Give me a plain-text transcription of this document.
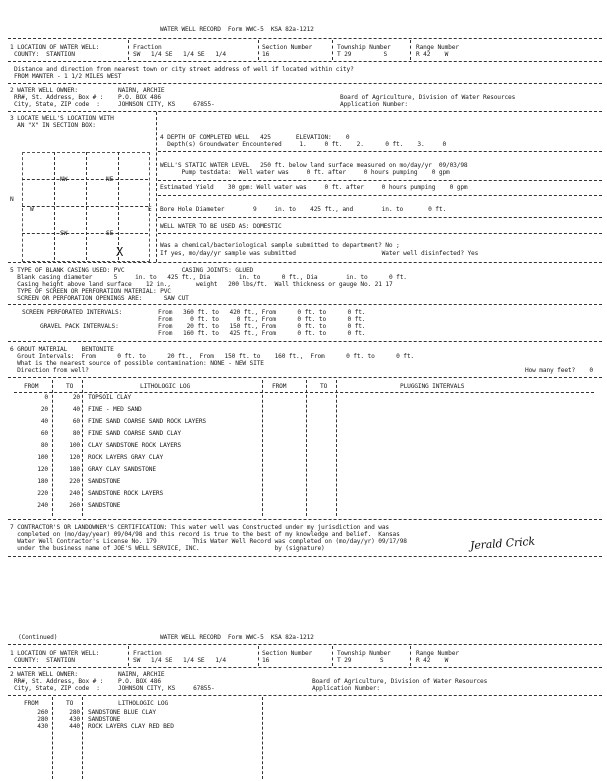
WATER WELL RECORD  Form WWC-5  KSA 82a-1212
1 LOCATION OF WATER WELL:
COUNTY:  STANTION
Fraction
SW   1/4 SE   1/4 SE   1/4
Section Number
16
Township Number
T 29         S
Range Number
R 42    W
Distance and direction from nearest town or city street address of well if located within city?
FROM MANTER - 1 1/2 MILES WEST
2 WATER WELL OWNER:	NAIRN, ARCHIE
RR#, St. Address, Box # : P.O. BOX 486
City, State, ZIP code  :	JOHNSON CITY, KS     67855-
Board of Agriculture, Division of Water Resources
Application Number:
3 LOCATE WELL'S LOCATION WITH
AN "X" IN SECTION BOX:
NW	NE
SW	SE
X
N
W	E
4 DEPTH OF COMPLETED WELL   425       ELEVATION:    0
Depth(s) Groundwater Encountered     1.     0 ft.    2.      0 ft.    3.     0
WELL'S STATIC WATER LEVEL   250 ft. below land surface measured on mo/day/yr  09/03/98
Pump testdata:  Well water was     0 ft. after     0 hours pumping    0 gpm
Estimated Yield    30 gpm: Well water was     0 ft. after     0 hours pumping    0 gpm
Bore Hole Diameter        9     in. to    425 ft., and        in. to       0 ft.
WELL WATER TO BE USED AS: DOMESTIC
Was a chemical/bacteriological sample submitted to department? No ;
If yes, mo/day/yr sample was submitted                        Water well disinfected? Yes
5 TYPE OF BLANK CASING USED: PVC                CASING JOINTS: GLUED
Blank casing diameter      5     in. to   425 ft., Dia        in. to      0 ft., Dia        in. to      0 ft.
Casing height above land surface    12 in.,       weight   200 lbs/ft.  Wall thickness or gauge No. 21 17
TYPE OF SCREEN OR PERFORATION MATERIAL: PVC
SCREEN OR PERFORATION OPENINGS ARE:      SAW CUT
SCREEN PERFORATED INTERVALS:	From   360 ft. to   420 ft., From      0 ft. to      0 ft.
From     0 ft. to     0 ft., From      0 ft. to      0 ft.
GRAVEL PACK INTERVALS:	From    20 ft. to   150 ft., From      0 ft. to      0 ft.
From   160 ft. to   425 ft., From      0 ft. to      0 ft.
6 GROUT MATERIAL    BENTONITE
Grout Intervals:  From      0 ft. to      20 ft.,  From   150 ft. to    160 ft.,  From      0 ft. to      0 ft.
What is the nearest source of possible contamination: NONE - NEW SITE
Direction from well?	How many feet?    0
FROM	TO	LITHOLOGIC LOG	FROM	TO	PLUGGING INTERVALS
0	20 TOPSOIL CLAY
20	40 FINE - MED SAND
40	60 FINE SAND COARSE SAND ROCK LAYERS
60	80 FINE SAND COARSE SAND CLAY
80	100 CLAY SANDSTONE ROCK LAYERS
100	120 ROCK LAYERS GRAY CLAY
120	180 GRAY CLAY SANDSTONE
180	220 SANDSTONE
220	240 SANDSTONE ROCK LAYERS
240	260 SANDSTONE
7 CONTRACTOR'S OR LANDOWNER'S CERTIFICATION: This water well was Constructed under my jurisdiction and was
completed on (mo/day/year) 09/04/98 and this record is true to the best of my knowledge and belief.  Kansas
Water Well Contractor's License No. 179          This Water Well Record was completed on (mo/day/yr) 09/17/98
under the business name of JOE'S WELL SERVICE, INC.                     by (signature)	Jerald Crick
(Continued)	WATER WELL RECORD  Form WWC-5  KSA 82a-1212
1 LOCATION OF WATER WELL:
COUNTY:  STANTION
Fraction
SW   1/4 SE   1/4 SE   1/4
Section Number
16
Township Number
T 29        S
Range Number
R 42    W
2 WATER WELL OWNER:	NAIRN, ARCHIE
RR#, St. Address, Box # : P.O. BOX 486
City, State, ZIP code  :	JOHNSON CITY, KS     67855-
Board of Agriculture, Division of Water Resources
Application Number:
FROM	TO	LITHOLOGIC LOG
260	280 SANDSTONE BLUE CLAY
280	430 SANDSTONE
430	440 ROCK LAYERS CLAY RED BED
